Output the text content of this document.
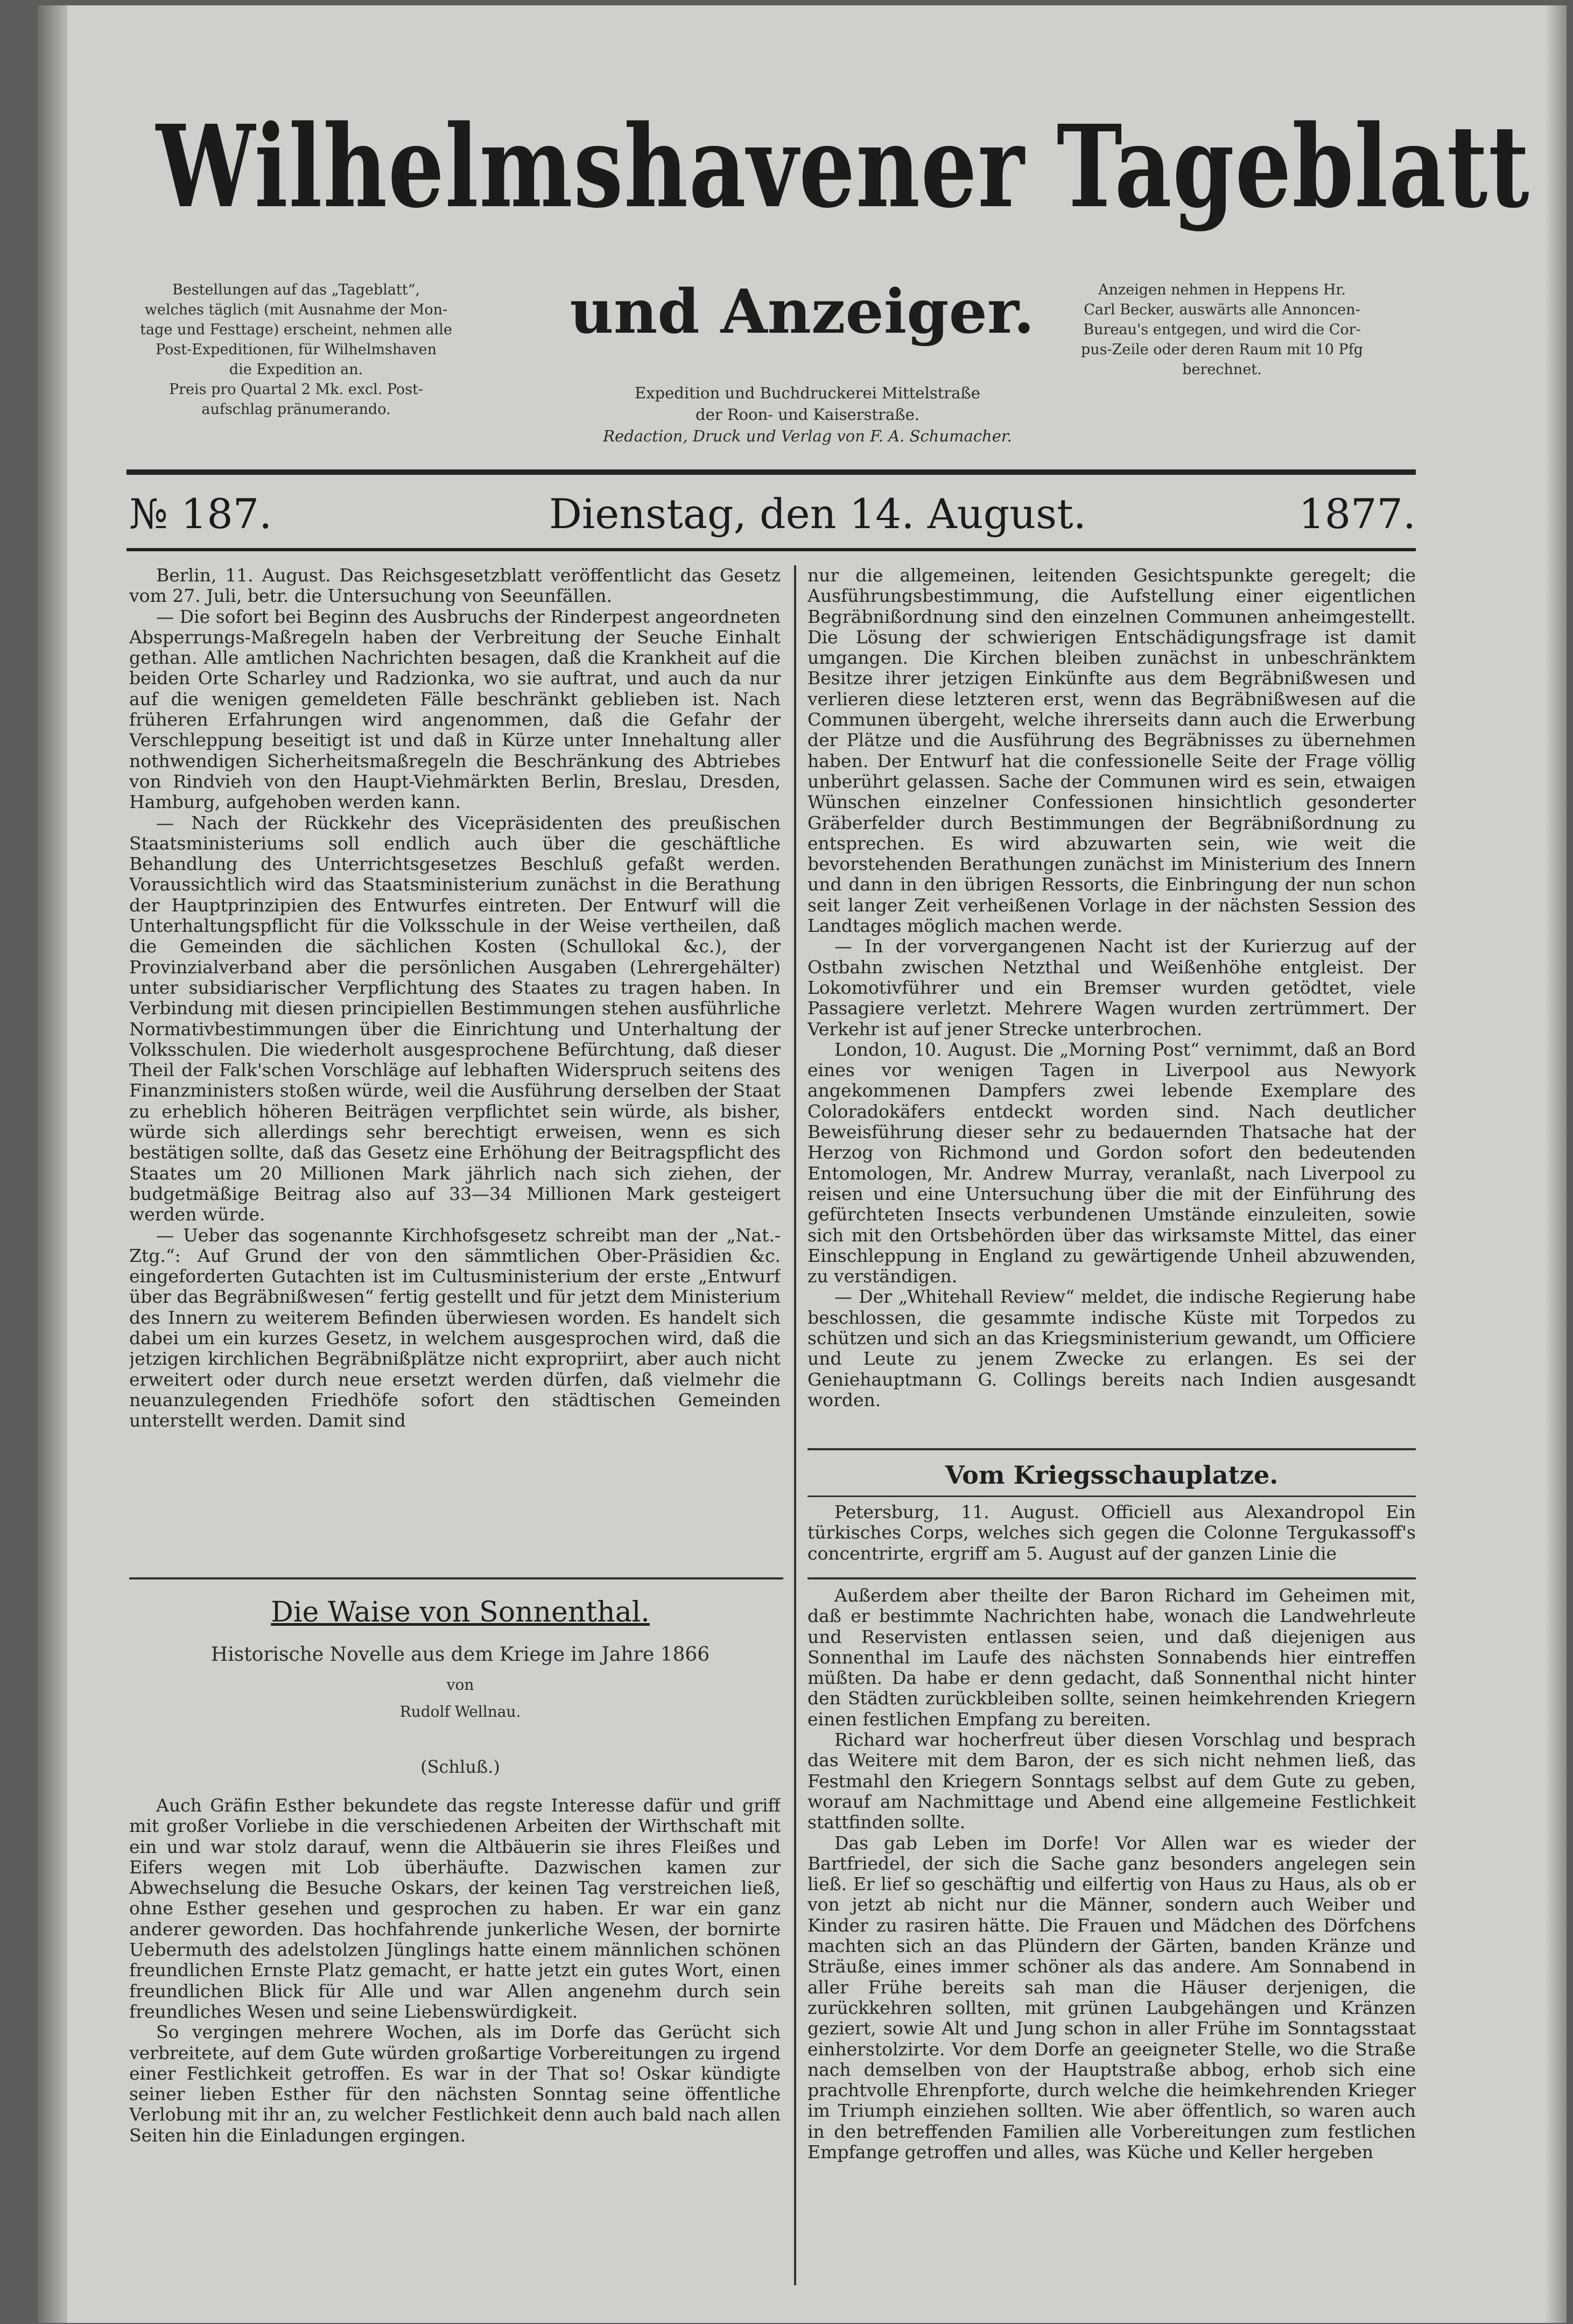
Wilhelmshavener Tageblatt
und Anzeiger.
Expedition und Buchdruckerei Mittelstraße
der Roon- und Kaiserstraße.
Redaction, Druck und Verlag von F. A. Schumacher.
Bestellungen auf das „Tageblatt“,
welches täglich (mit Ausnahme der Mon-
tage und Festtage) erscheint, nehmen alle
Post-Expeditionen, für Wilhelmshaven
die Expedition an.
Preis pro Quartal 2 Mk. excl. Post-
aufschlag pränumerando.
Anzeigen nehmen in Heppens Hr.
Carl Becker, auswärts alle Annoncen-
Bureau's entgegen, und wird die Cor-
pus-Zeile oder deren Raum mit 10 Pfg
berechnet.
№ 187.	Dienstag, den 14. August.	1877.

Berlin, 11. August. Das Reichsgesetzblatt veröffentlicht das Gesetz vom 27. Juli, betr. die Untersuchung von Seeunfällen.

— Die sofort bei Beginn des Ausbruchs der Rinderpest angeordneten Absperrungs-Maßregeln haben der Verbreitung der Seuche Einhalt gethan. Alle amtlichen Nachrichten besagen, daß die Krankheit auf die beiden Orte Scharley und Radzionka, wo sie auftrat, und auch da nur auf die wenigen gemeldeten Fälle beschränkt geblieben ist. Nach früheren Erfahrungen wird angenommen, daß die Gefahr der Verschleppung beseitigt ist und daß in Kürze unter Innehaltung aller nothwendigen Sicherheitsmaßregeln die Beschränkung des Abtriebes von Rindvieh von den Haupt-Viehmärkten Berlin, Breslau, Dresden, Hamburg, aufgehoben werden kann.

— Nach der Rückkehr des Vicepräsidenten des preußischen Staatsministeriums soll endlich auch über die geschäftliche Behandlung des Unterrichtsgesetzes Beschluß gefaßt werden. Voraussichtlich wird das Staatsministerium zunächst in die Berathung der Hauptprinzipien des Entwurfes eintreten. Der Entwurf will die Unterhaltungspflicht für die Volksschule in der Weise vertheilen, daß die Gemeinden die sächlichen Kosten (Schullokal &c.), der Provinzialverband aber die persönlichen Ausgaben (Lehrergehälter) unter subsidiarischer Verpflichtung des Staates zu tragen haben. In Verbindung mit diesen principiellen Bestimmungen stehen ausführliche Normativbestimmungen über die Einrichtung und Unterhaltung der Volksschulen. Die wiederholt ausgesprochene Befürchtung, daß dieser Theil der Falk'schen Vorschläge auf lebhaften Widerspruch seitens des Finanzministers stoßen würde, weil die Ausführung derselben der Staat zu erheblich höheren Beiträgen verpflichtet sein würde, als bisher, würde sich allerdings sehr berechtigt erweisen, wenn es sich bestätigen sollte, daß das Gesetz eine Erhöhung der Beitragspflicht des Staates um 20 Millionen Mark jährlich nach sich ziehen, der budgetmäßige Beitrag also auf 33—34 Millionen Mark gesteigert werden würde.

— Ueber das sogenannte Kirchhofsgesetz schreibt man der „Nat.-Ztg.“: Auf Grund der von den sämmtlichen Ober-Präsidien &c. eingeforderten Gutachten ist im Cultusministerium der erste „Entwurf über das Begräbnißwesen“ fertig gestellt und für jetzt dem Ministerium des Innern zu weiterem Befinden überwiesen worden. Es handelt sich dabei um ein kurzes Gesetz, in welchem ausgesprochen wird, daß die jetzigen kirchlichen Begräbnißplätze nicht expropriirt, aber auch nicht erweitert oder durch neue ersetzt werden dürfen, daß vielmehr die neuanzulegenden Friedhöfe sofort den städtischen Gemeinden unterstellt werden. Damit sind

Die Waise von Sonnenthal.
Historische Novelle aus dem Kriege im Jahre 1866
von
Rudolf Wellnau.
(Schluß.)

Auch Gräfin Esther bekundete das regste Interesse dafür und griff mit großer Vorliebe in die verschiedenen Arbeiten der Wirthschaft mit ein und war stolz darauf, wenn die Altbäuerin sie ihres Fleißes und Eifers wegen mit Lob überhäufte. Dazwischen kamen zur Abwechselung die Besuche Oskars, der keinen Tag verstreichen ließ, ohne Esther gesehen und gesprochen zu haben. Er war ein ganz anderer geworden. Das hochfahrende junkerliche Wesen, der bornirte Uebermuth des adelstolzen Jünglings hatte einem männlichen schönen freundlichen Ernste Platz gemacht, er hatte jetzt ein gutes Wort, einen freundlichen Blick für Alle und war Allen angenehm durch sein freundliches Wesen und seine Liebenswürdigkeit.

So vergingen mehrere Wochen, als im Dorfe das Gerücht sich verbreitete, auf dem Gute würden großartige Vorbereitungen zu irgend einer Festlichkeit getroffen. Es war in der That so! Oskar kündigte seiner lieben Esther für den nächsten Sonntag seine öffentliche Verlobung mit ihr an, zu welcher Festlichkeit denn auch bald nach allen Seiten hin die Einladungen ergingen.

nur die allgemeinen, leitenden Gesichtspunkte geregelt; die Ausführungsbestimmung, die Aufstellung einer eigentlichen Begräbnißordnung sind den einzelnen Communen anheimgestellt. Die Lösung der schwierigen Entschädigungsfrage ist damit umgangen. Die Kirchen bleiben zunächst in unbeschränktem Besitze ihrer jetzigen Einkünfte aus dem Begräbnißwesen und verlieren diese letzteren erst, wenn das Begräbnißwesen auf die Communen übergeht, welche ihrerseits dann auch die Erwerbung der Plätze und die Ausführung des Begräbnisses zu übernehmen haben. Der Entwurf hat die confessionelle Seite der Frage völlig unberührt gelassen. Sache der Communen wird es sein, etwaigen Wünschen einzelner Confessionen hinsichtlich gesonderter Gräberfelder durch Bestimmungen der Begräbnißordnung zu entsprechen. Es wird abzuwarten sein, wie weit die bevorstehenden Berathungen zunächst im Ministerium des Innern und dann in den übrigen Ressorts, die Einbringung der nun schon seit langer Zeit verheißenen Vorlage in der nächsten Session des Landtages möglich machen werde.

— In der vorvergangenen Nacht ist der Kurierzug auf der Ostbahn zwischen Netzthal und Weißenhöhe entgleist. Der Lokomotivführer und ein Bremser wurden getödtet, viele Passagiere verletzt. Mehrere Wagen wurden zertrümmert. Der Verkehr ist auf jener Strecke unterbrochen.

London, 10. August. Die „Morning Post“ vernimmt, daß an Bord eines vor wenigen Tagen in Liverpool aus Newyork angekommenen Dampfers zwei lebende Exemplare des Coloradokäfers entdeckt worden sind. Nach deutlicher Beweisführung dieser sehr zu bedauernden Thatsache hat der Herzog von Richmond und Gordon sofort den bedeutenden Entomologen, Mr. Andrew Murray, veranlaßt, nach Liverpool zu reisen und eine Untersuchung über die mit der Einführung des gefürchteten Insects verbundenen Umstände einzuleiten, sowie sich mit den Ortsbehörden über das wirksamste Mittel, das einer Einschleppung in England zu gewärtigende Unheil abzuwenden, zu verständigen.

— Der „Whitehall Review“ meldet, die indische Regierung habe beschlossen, die gesammte indische Küste mit Torpedos zu schützen und sich an das Kriegsministerium gewandt, um Officiere und Leute zu jenem Zwecke zu erlangen. Es sei der Geniehauptmann G. Collings bereits nach Indien ausgesandt worden.

Vom Kriegsschauplatze.

Petersburg, 11. August. Officiell aus Alexandropol Ein türkisches Corps, welches sich gegen die Colonne Tergukassoff's concentrirte, ergriff am 5. August auf der ganzen Linie die

Außerdem aber theilte der Baron Richard im Geheimen mit, daß er bestimmte Nachrichten habe, wonach die Landwehrleute und Reservisten entlassen seien, und daß diejenigen aus Sonnenthal im Laufe des nächsten Sonnabends hier eintreffen müßten. Da habe er denn gedacht, daß Sonnenthal nicht hinter den Städten zurückbleiben sollte, seinen heimkehrenden Kriegern einen festlichen Empfang zu bereiten.

Richard war hocherfreut über diesen Vorschlag und besprach das Weitere mit dem Baron, der es sich nicht nehmen ließ, das Festmahl den Kriegern Sonntags selbst auf dem Gute zu geben, worauf am Nachmittage und Abend eine allgemeine Festlichkeit stattfinden sollte.

Das gab Leben im Dorfe! Vor Allen war es wieder der Bartfriedel, der sich die Sache ganz besonders angelegen sein ließ. Er lief so geschäftig und eilfertig von Haus zu Haus, als ob er von jetzt ab nicht nur die Männer, sondern auch Weiber und Kinder zu rasiren hätte. Die Frauen und Mädchen des Dörfchens machten sich an das Plündern der Gärten, banden Kränze und Sträuße, eines immer schöner als das andere. Am Sonnabend in aller Frühe bereits sah man die Häuser derjenigen, die zurückkehren sollten, mit grünen Laubgehängen und Kränzen geziert, sowie Alt und Jung schon in aller Frühe im Sonntagsstaat einherstolzirte. Vor dem Dorfe an geeigneter Stelle, wo die Straße nach demselben von der Hauptstraße abbog, erhob sich eine prachtvolle Ehrenpforte, durch welche die heimkehrenden Krieger im Triumph einziehen sollten. Wie aber öffentlich, so waren auch in den betreffenden Familien alle Vorbereitungen zum festlichen Empfange getroffen und alles, was Küche und Keller hergeben
